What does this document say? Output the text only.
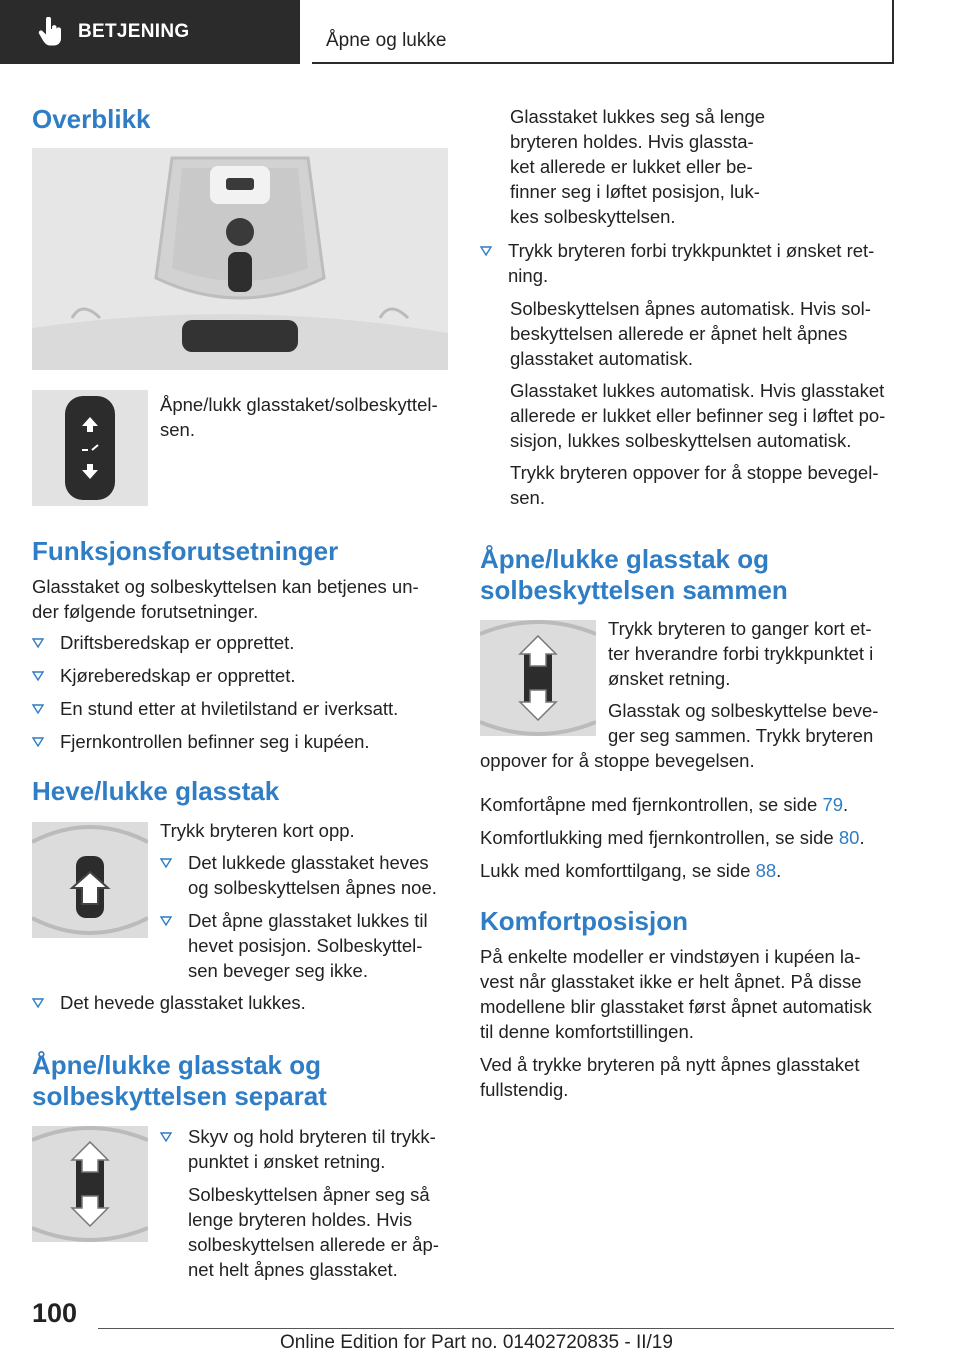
BETJENING	Åpne og lukke
Overblikk

Åpne/lukk glasstaket/solbeskyttel-
sen.

Funksjonsforutsetninger

Glasstaket og solbeskyttelsen kan betjenes un-
der følgende forutsetninger.

Driftsberedskap er opprettet.
Kjøreberedskap er opprettet.
En stund etter at hviletilstand er iverksatt.
Fjernkontrollen befinner seg i kupéen.
Heve/lukke glasstak

Trykk bryteren kort opp.

Det lukkede glasstaket heves
og solbeskyttelsen åpnes noe.
Det åpne glasstaket lukkes til
hevet posisjon. Solbeskyttel-
sen beveger seg ikke.
Det hevede glasstaket lukkes.
Åpne/lukke glasstak og
solbeskyttelsen separat
Skyv og hold bryteren til trykk-
punktet i ønsket retning.

Solbeskyttelsen åpner seg så
lenge bryteren holdes. Hvis
solbeskyttelsen allerede er åp-
net helt åpnes glasstaket.

Glasstaket lukkes seg så lenge
bryteren holdes. Hvis glassta-
ket allerede er lukket eller be-
finner seg i løftet posisjon, luk-
kes solbeskyttelsen.

Trykk bryteren forbi trykkpunktet i ønsket ret-
ning.

Solbeskyttelsen åpnes automatisk. Hvis sol-
beskyttelsen allerede er åpnet helt åpnes
glasstaket automatisk.

Glasstaket lukkes automatisk. Hvis glasstaket
allerede er lukket eller befinner seg i løftet po-
sisjon, lukkes solbeskyttelsen automatisk.

Trykk bryteren oppover for å stoppe bevegel-
sen.

Åpne/lukke glasstak og
solbeskyttelsen sammen

Trykk bryteren to ganger kort et-
ter hverandre forbi trykkpunktet i
ønsket retning.

Glasstak og solbeskyttelse beve-
ger seg sammen. Trykk bryteren

oppover for å stoppe bevegelsen.

Komfortåpne med fjernkontrollen, se side 79.

Komfortlukking med fjernkontrollen, se side 80.

Lukk med komforttilgang, se side 88.

Komfortposisjon

På enkelte modeller er vindstøyen i kupéen la-
vest når glasstaket ikke er helt åpnet. På disse
modellene blir glasstaket først åpnet automatisk
til denne komfortstillingen.

Ved å trykke bryteren på nytt åpnes glasstaket
fullstendig.

100
Online Edition for Part no. 01402720835 - II/19
